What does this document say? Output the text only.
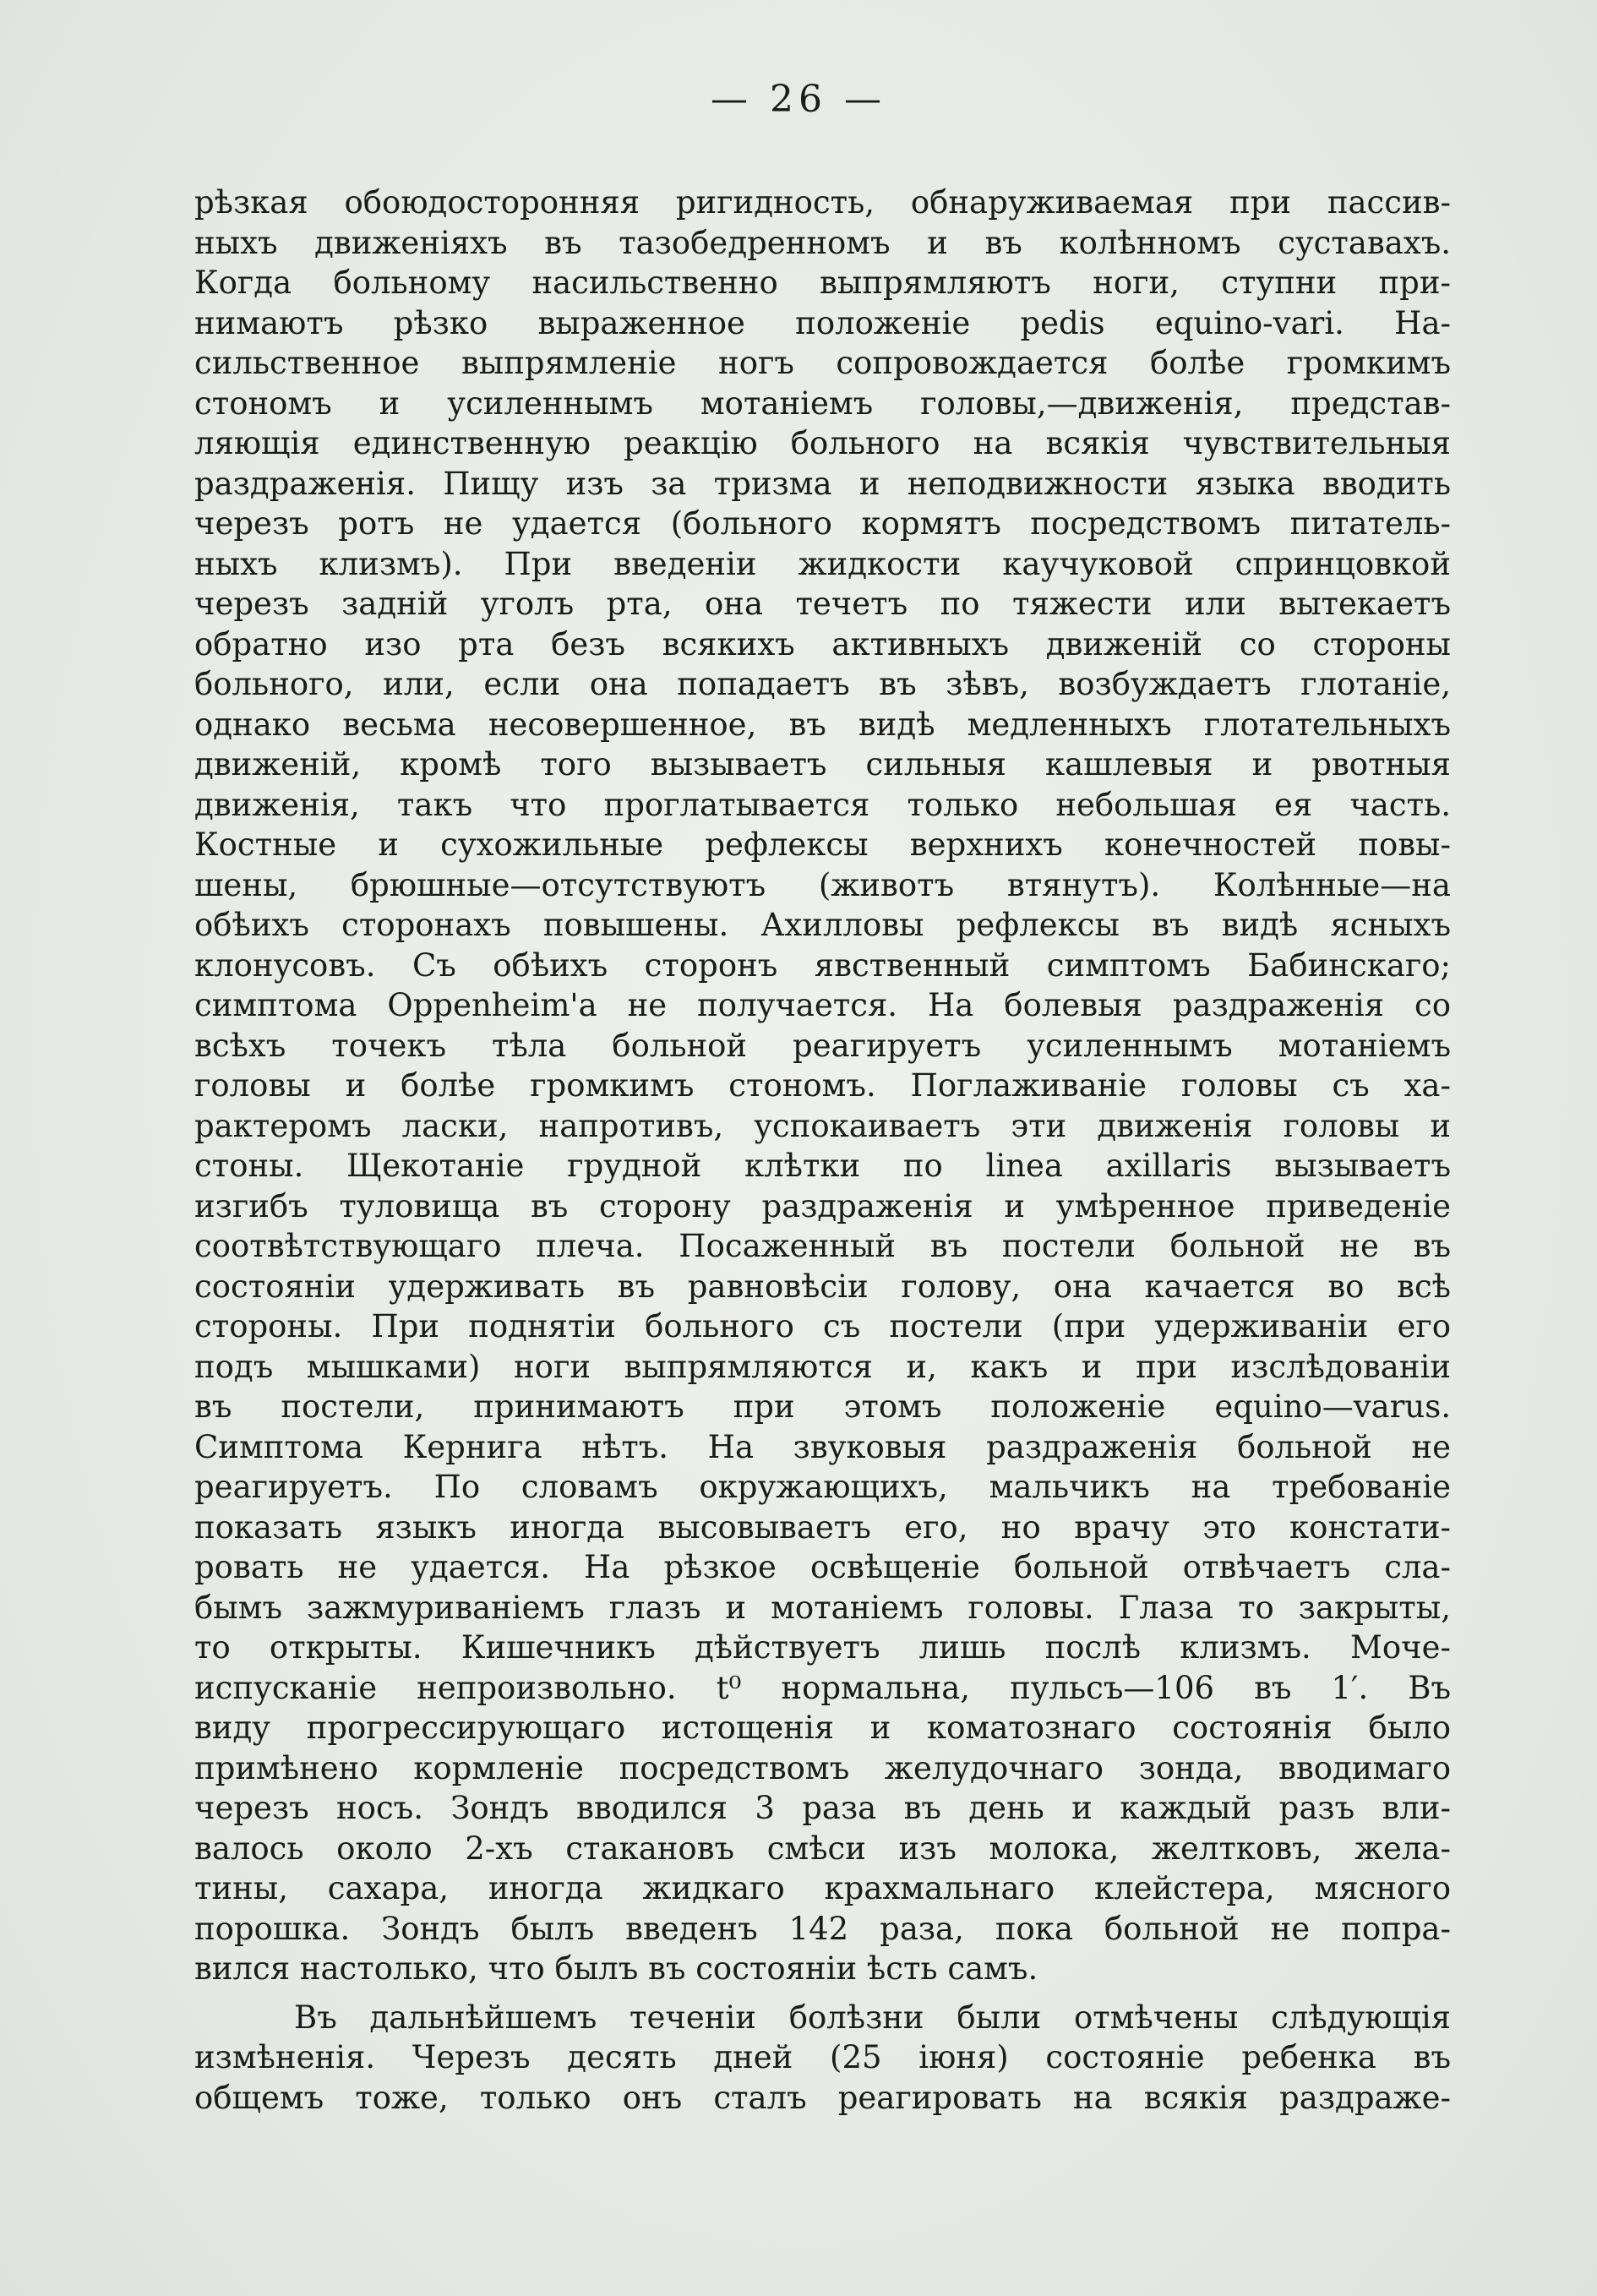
— 26 —
рѣзкая обоюдосторонняя ригидность, обнаруживаемая при пассив-
ныхъ движеніяхъ въ тазобедренномъ и въ колѣнномъ суставахъ.
Когда больному насильственно выпрямляютъ ноги, ступни при-
нимаютъ рѣзко выраженное положеніе pedis equino-vari. На-
сильственное выпрямленіе ногъ сопровождается болѣе громкимъ
стономъ и усиленнымъ мотаніемъ головы,—движенія, представ-
ляющія единственную реакцію больного на всякія чувствительныя
раздраженія. Пищу изъ за тризма и неподвижности языка вводить
черезъ ротъ не удается (больного кормятъ посредствомъ питатель-
ныхъ клизмъ). При введеніи жидкости каучуковой спринцовкой
черезъ задній уголъ рта, она течетъ по тяжести или вытекаетъ
обратно изо рта безъ всякихъ активныхъ движеній со стороны
больного, или, если она попадаетъ въ зѣвъ, возбуждаетъ глотаніе,
однако весьма несовершенное, въ видѣ медленныхъ глотательныхъ
движеній, кромѣ того вызываетъ сильныя кашлевыя и рвотныя
движенія, такъ что проглатывается только небольшая ея часть.
Костные и сухожильные рефлексы верхнихъ конечностей повы-
шены, брюшные—отсутствуютъ (животъ втянутъ). Колѣнные—на
обѣихъ сторонахъ повышены. Ахилловы рефлексы въ видѣ ясныхъ
клонусовъ. Съ обѣихъ сторонъ явственный симптомъ Бабинскаго;
симптома Oppenheim'а не получается. На болевыя раздраженія со
всѣхъ точекъ тѣла больной реагируетъ усиленнымъ мотаніемъ
головы и болѣе громкимъ стономъ. Поглаживаніе головы съ ха-
рактеромъ ласки, напротивъ, успокаиваетъ эти движенія головы и
стоны. Щекотаніе грудной клѣтки по linea axillaris вызываетъ
изгибъ туловища въ сторону раздраженія и умѣренное приведеніе
соотвѣтствующаго плеча. Посаженный въ постели больной не въ
состояніи удерживать въ равновѣсіи голову, она качается во всѣ
стороны. При поднятіи больного съ постели (при удерживаніи его
подъ мышками) ноги выпрямляются и, какъ и при изслѣдованіи
въ постели, принимаютъ при этомъ положеніе equino—varus.
Симптома Кернига нѣтъ. На звуковыя раздраженія больной не
реагируетъ. По словамъ окружающихъ, мальчикъ на требованіе
показать языкъ иногда высовываетъ его, но врачу это констати-
ровать не удается. На рѣзкое освѣщеніе больной отвѣчаетъ сла-
бымъ зажмуриваніемъ глазъ и мотаніемъ головы. Глаза то закрыты,
то открыты. Кишечникъ дѣйствуетъ лишь послѣ клизмъ. Моче-
испусканіе непроизвольно. t⁰ нормальна, пульсъ—106 въ 1′. Въ
виду прогрессирующаго истощенія и коматознаго состоянія было
примѣнено кормленіе посредствомъ желудочнаго зонда, вводимаго
черезъ носъ. Зондъ вводился 3 раза въ день и каждый разъ вли-
валось около 2-хъ стакановъ смѣси изъ молока, желтковъ, жела-
тины, сахара, иногда жидкаго крахмальнаго клейстера, мясного
порошка. Зондъ былъ введенъ 142 раза, пока больной не попра-
вился настолько, что былъ въ состояніи ѣсть самъ.
Въ дальнѣйшемъ теченіи болѣзни были отмѣчены слѣдующія
измѣненія. Черезъ десять дней (25 іюня) состояніе ребенка въ
общемъ тоже, только онъ сталъ реагировать на всякія раздраже-
